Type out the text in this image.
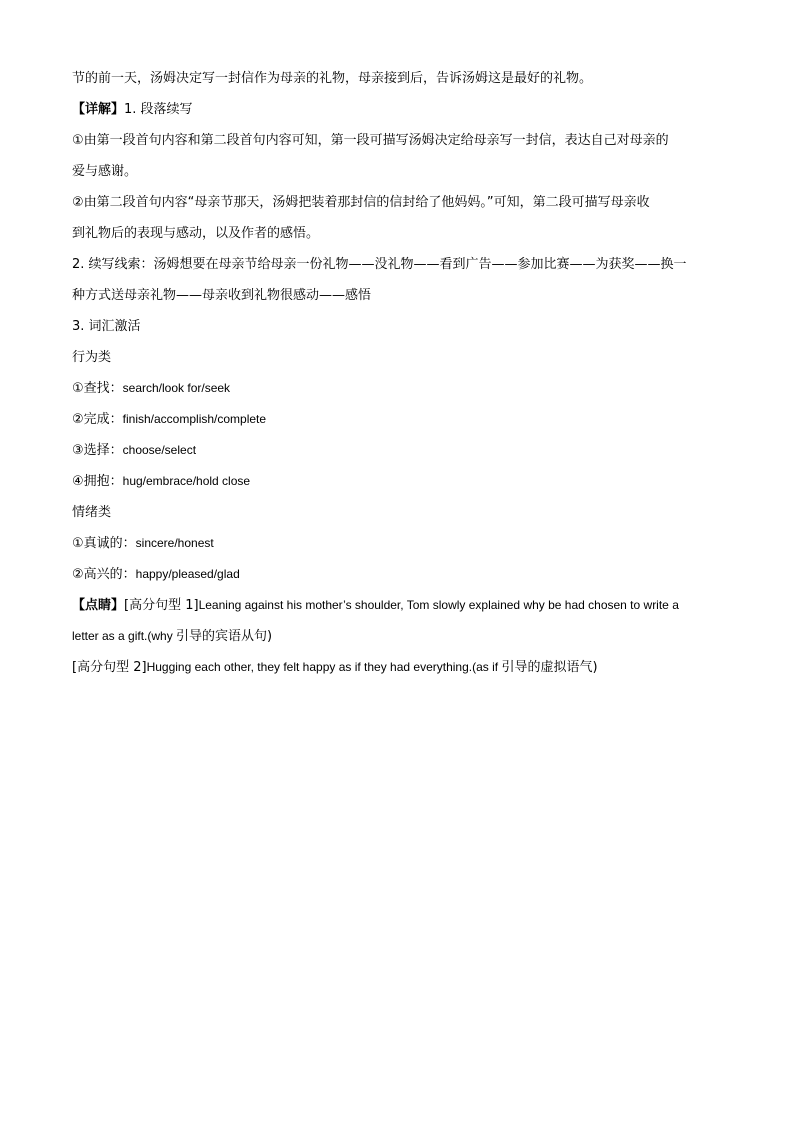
节的前一天，汤姆决定写一封信作为母亲的礼物，母亲接到后，告诉汤姆这是最好的礼物。
【详解】1. 段落续写
①由第一段首句内容和第二段首句内容可知，第一段可描写汤姆决定给母亲写一封信，表达自己对母亲的
爱与感谢。
②由第二段首句内容“母亲节那天，汤姆把装着那封信的信封给了他妈妈。”可知，第二段可描写母亲收
到礼物后的表现与感动，以及作者的感悟。
2. 续写线索：汤姆想要在母亲节给母亲一份礼物——没礼物——看到广告——参加比赛——为获奖——换一
种方式送母亲礼物——母亲收到礼物很感动——感悟
3. 词汇激活
行为类
①查找：search/look for/seek
②完成：finish/accomplish/complete
③选择：choose/select
④拥抱：hug/embrace/hold close
情绪类
①真诚的：sincere/honest
②高兴的：happy/pleased/glad
【点睛】[高分句型 1]Leaning against his mother’s shoulder, Tom slowly explained why be had chosen to write a
letter as a gift.(why 引导的宾语从句)
[高分句型 2]Hugging each other, they felt happy as if they had everything.(as if 引导的虚拟语气)
